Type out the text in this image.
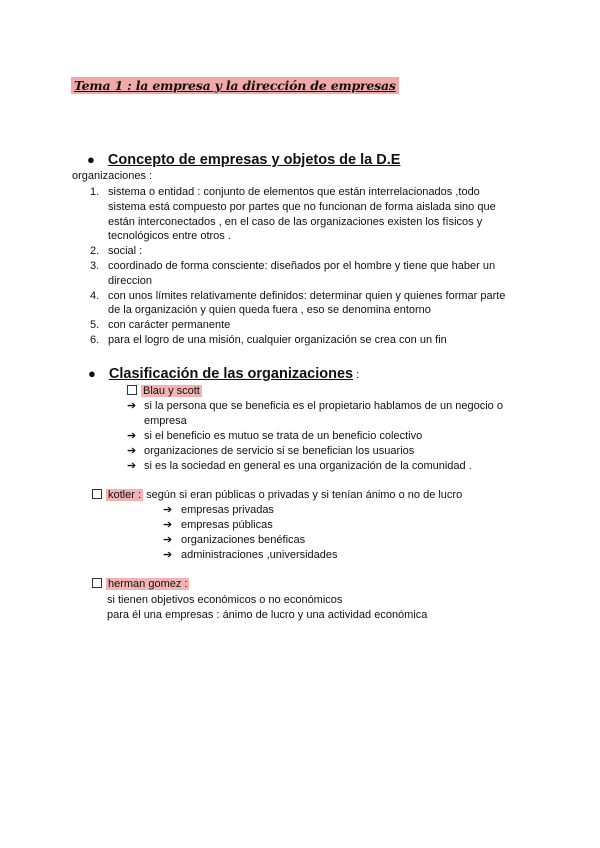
Tema 1 : la empresa y la dirección de empresas
● Concepto de empresas y objetos de la D.E
organizaciones :
1. sistema o entidad : conjunto de elementos que están interrelacionados ,todo
sistema está compuesto por partes que no funcionan de forma aislada sino que
están interconectados , en el caso de las organizaciones existen los físicos y
tecnológicos entre otros .
2. social :
3. coordinado de forma consciente: diseñados por el hombre y tiene que haber un
direccion
4. con unos límites relativamente definidos: determinar quien y quienes formar parte
de la organización y quien queda fuera , eso se denomina entorno
5. con carácter permanente
6. para el logro de una misión, cualquier organización se crea con un fin
● Clasificación de las organizaciones :
Blau y scott
➔ si la persona que se beneficia es el propietario hablamos de un negocio o
empresa
➔ si el beneficio es mutuo se trata de un beneficio colectivo
➔ organizaciones de servicio si se benefician los usuarios
➔ si es la sociedad en general es una organización de la comunidad .
kotler : según si eran públicas o privadas y si tenían ánimo o no de lucro
➔ empresas privadas
➔ empresas públicas
➔ organizaciones benéficas
➔ administraciones ,universidades
herman gomez :
si tienen objetivos económicos o no económicos
para él una empresas : ánimo de lucro y una actividad económica
